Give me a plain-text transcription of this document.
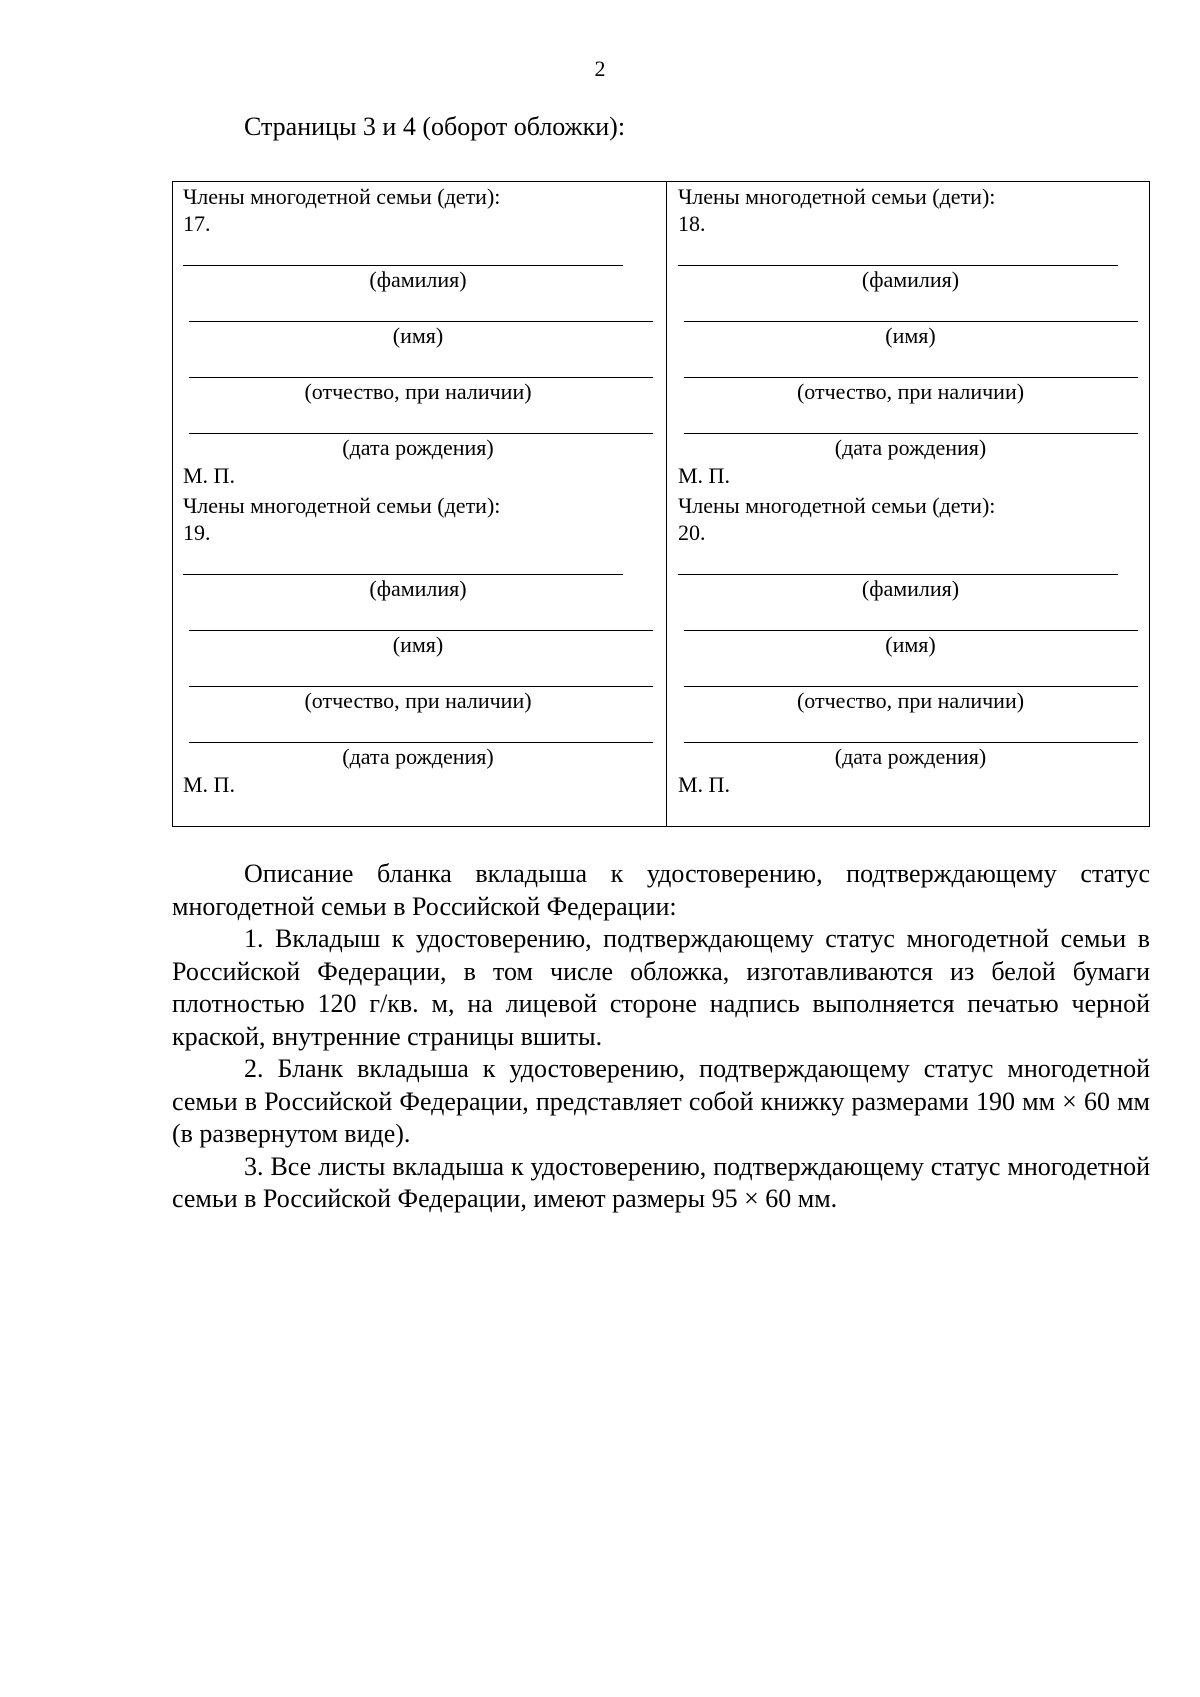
2
Страницы 3 и 4 (оборот обложки):
Члены многодетной семьи (дети):
17.
(фамилия)
(имя)
(отчество, при наличии)
(дата рождения)
М. П.
Члены многодетной семьи (дети):
18.
(фамилия)
(имя)
(отчество, при наличии)
(дата рождения)
М. П.
Члены многодетной семьи (дети):
19.
(фамилия)
(имя)
(отчество, при наличии)
(дата рождения)
М. П.
Члены многодетной семьи (дети):
20.
(фамилия)
(имя)
(отчество, при наличии)
(дата рождения)
М. П.

Описание бланка вкладыша к удостоверению, подтверждающему статус многодетной семьи в Российской Федерации:

1. Вкладыш к удостоверению, подтверждающему статус многодетной семьи в Российской Федерации, в том числе обложка, изготавливаются из белой бумаги плотностью 120 г/кв. м, на лицевой стороне надпись выполняется печатью черной краской, внутренние страницы вшиты.

2. Бланк вкладыша к удостоверению, подтверждающему статус многодетной семьи в Российской Федерации, представляет собой книжку размерами 190 мм × 60 мм (в развернутом виде).

3. Все листы вкладыша к удостоверению, подтверждающему статус многодетной семьи в Российской Федерации, имеют размеры 95 × 60 мм.
